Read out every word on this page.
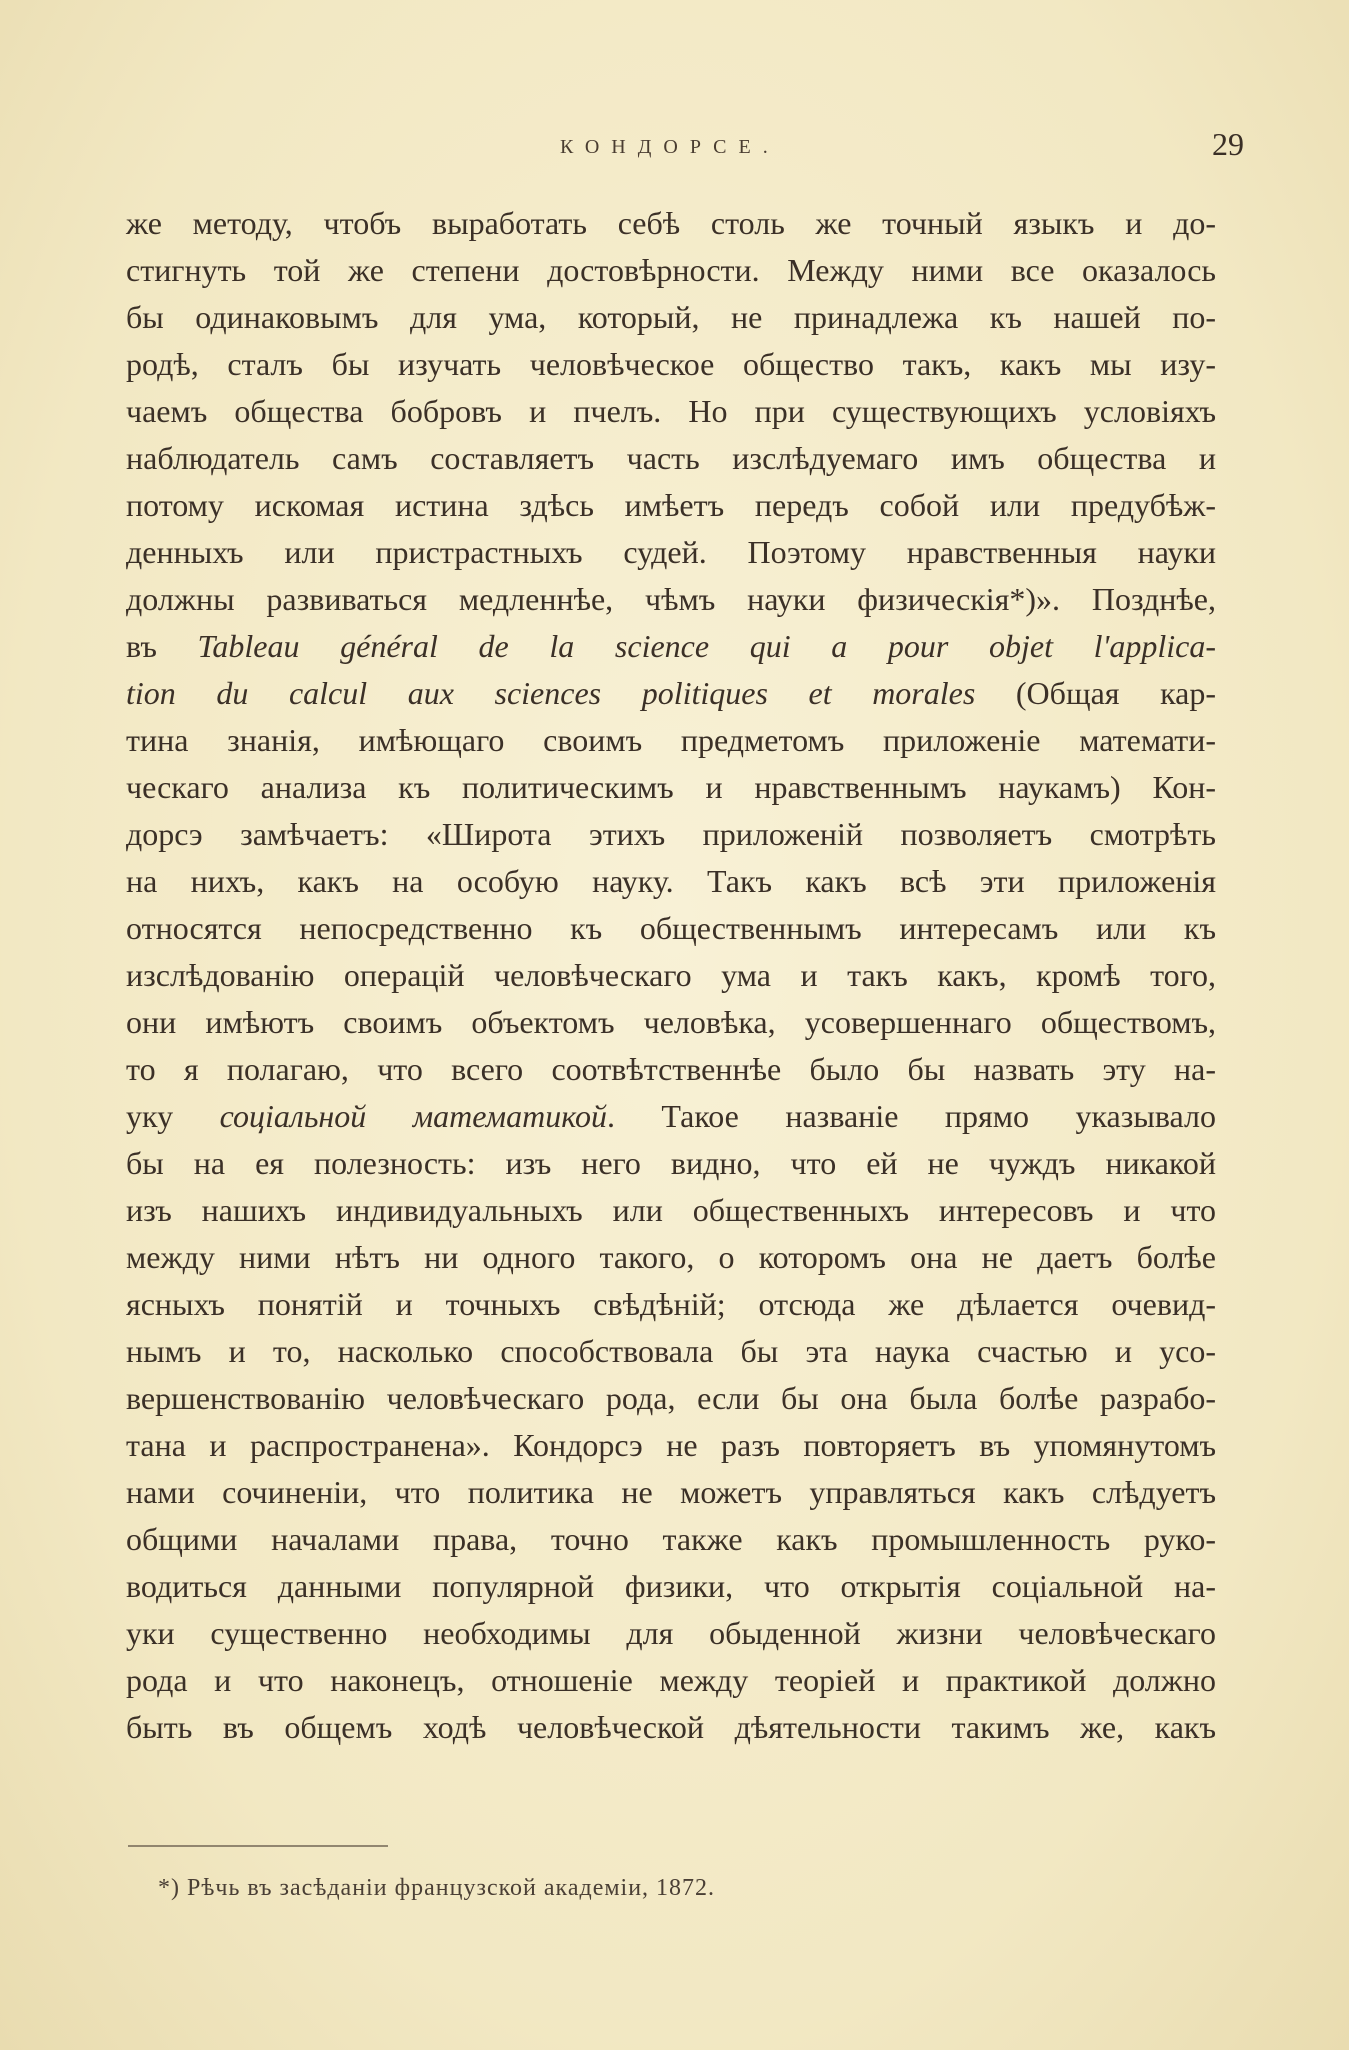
КОНДОРСЕ.	29
же методу, чтобъ выработать себѣ столь же точный языкъ и до-
стигнуть той же степени достовѣрности. Между ними все оказалось
бы одинаковымъ для ума, который, не принадлежа къ нашей по-
родѣ, сталъ бы изучать человѣческое общество такъ, какъ мы изу-
чаемъ общества бобровъ и пчелъ. Но при существующихъ условіяхъ
наблюдатель самъ составляетъ часть изслѣдуемаго имъ общества и
потому искомая истина здѣсь имѣетъ передъ собой или предубѣж-
денныхъ или пристрастныхъ судей. Поэтому нравственныя науки
должны развиваться медленнѣе, чѣмъ науки физическія*)». Позднѣе,
въ Tableau général de la science qui a pour objet l'applica-
tion du calcul aux sciences politiques et morales (Общая кар-
тина знанія, имѣющаго своимъ предметомъ приложеніе математи-
ческаго анализа къ политическимъ и нравственнымъ наукамъ) Кон-
дорсэ замѣчаетъ: «Широта этихъ приложеній позволяетъ смотрѣть
на нихъ, какъ на особую науку. Такъ какъ всѣ эти приложенія
относятся непосредственно къ общественнымъ интересамъ или къ
изслѣдованію операцій человѣческаго ума и такъ какъ, кромѣ того,
они имѣютъ своимъ объектомъ человѣка, усовершеннаго обществомъ,
то я полагаю, что всего соотвѣтственнѣе было бы назвать эту на-
уку соціальной математикой. Такое названіе прямо указывало
бы на ея полезность: изъ него видно, что ей не чуждъ никакой
изъ нашихъ индивидуальныхъ или общественныхъ интересовъ и что
между ними нѣтъ ни одного такого, о которомъ она не даетъ болѣе
ясныхъ понятій и точныхъ свѣдѣній; отсюда же дѣлается очевид-
нымъ и то, насколько способствовала бы эта наука счастью и усо-
вершенствованію человѣческаго рода, если бы она была болѣе разрабо-
тана и распространена». Кондорсэ не разъ повторяетъ въ упомянутомъ
нами сочиненіи, что политика не можетъ управляться какъ слѣдуетъ
общими началами права, точно также какъ промышленность руко-
водиться данными популярной физики, что открытія соціальной на-
уки существенно необходимы для обыденной жизни человѣческаго
рода и что наконецъ, отношеніе между теоріей и практикой должно
быть въ общемъ ходѣ человѣческой дѣятельности такимъ же, какъ
*) Рѣчь въ засѣданіи французской академіи, 1872.
